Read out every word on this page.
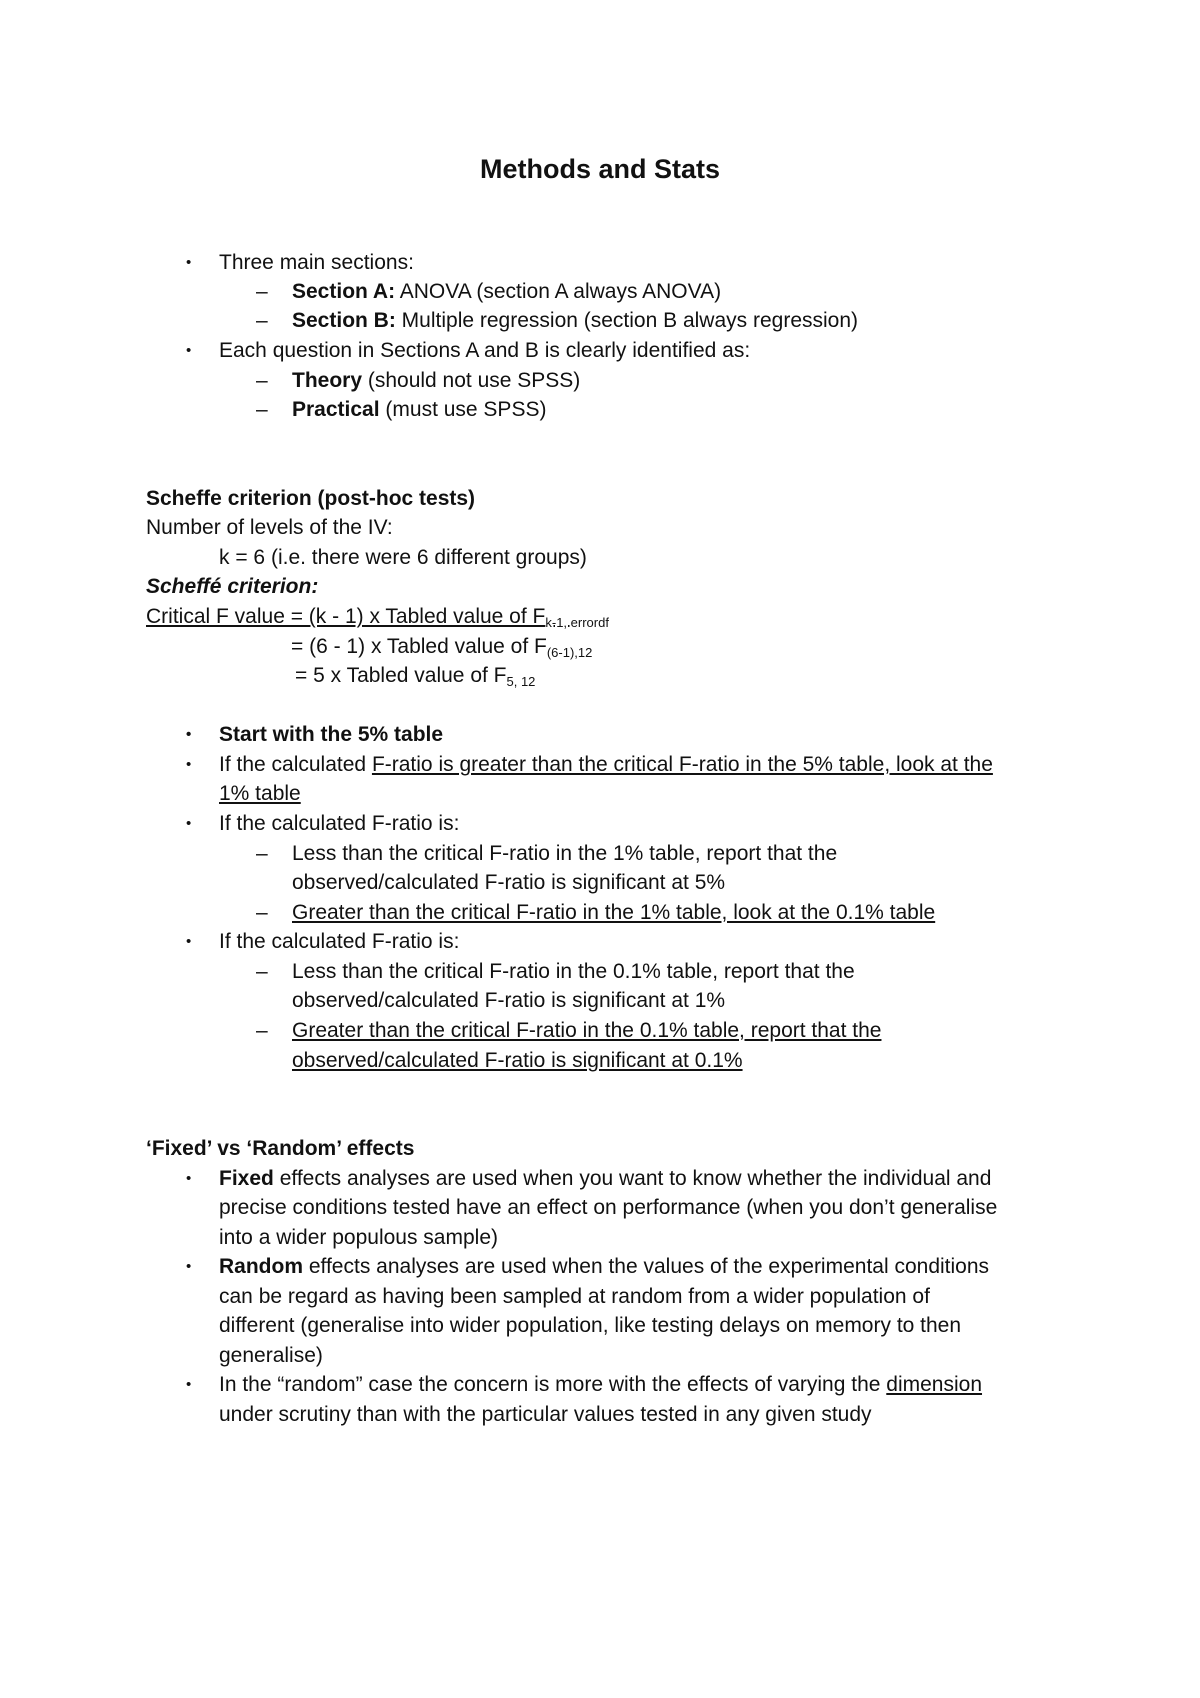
Methods and Stats
• Three main sections:
– Section A: ANOVA (section A always ANOVA)
– Section B: Multiple regression (section B always regression)
• Each question in Sections A and B is clearly identified as:
– Theory (should not use SPSS)
– Practical (must use SPSS)
Scheffe criterion (post-hoc tests)
Number of levels of the IV:
k = 6 (i.e. there were 6 different groups)
Scheffé criterion:
Critical F value = (k - 1) x Tabled value of $F_{k-1, errordf}$
= (6 - 1) x Tabled value of $F_{(6-1),12}$
= 5 x Tabled value of $F_{5, 12}$
• Start with the 5% table
• If the calculated F-ratio is greater than the critical F-ratio in the 5% table, look at the
1% table
• If the calculated F-ratio is:
– Less than the critical F-ratio in the 1% table, report that the
observed/calculated F-ratio is significant at 5%
– Greater than the critical F-ratio in the 1% table, look at the 0.1% table
• If the calculated F-ratio is:
– Less than the critical F-ratio in the 0.1% table, report that the
observed/calculated F-ratio is significant at 1%
– Greater than the critical F-ratio in the 0.1% table, report that the
observed/calculated F-ratio is significant at 0.1%
‘Fixed’ vs ‘Random’ effects
• Fixed effects analyses are used when you want to know whether the individual and
precise conditions tested have an effect on performance (when you don’t generalise
into a wider populous sample)
• Random effects analyses are used when the values of the experimental conditions
can be regard as having been sampled at random from a wider population of
different (generalise into wider population, like testing delays on memory to then
generalise)
• In the “random” case the concern is more with the effects of varying the dimension
under scrutiny than with the particular values tested in any given study
